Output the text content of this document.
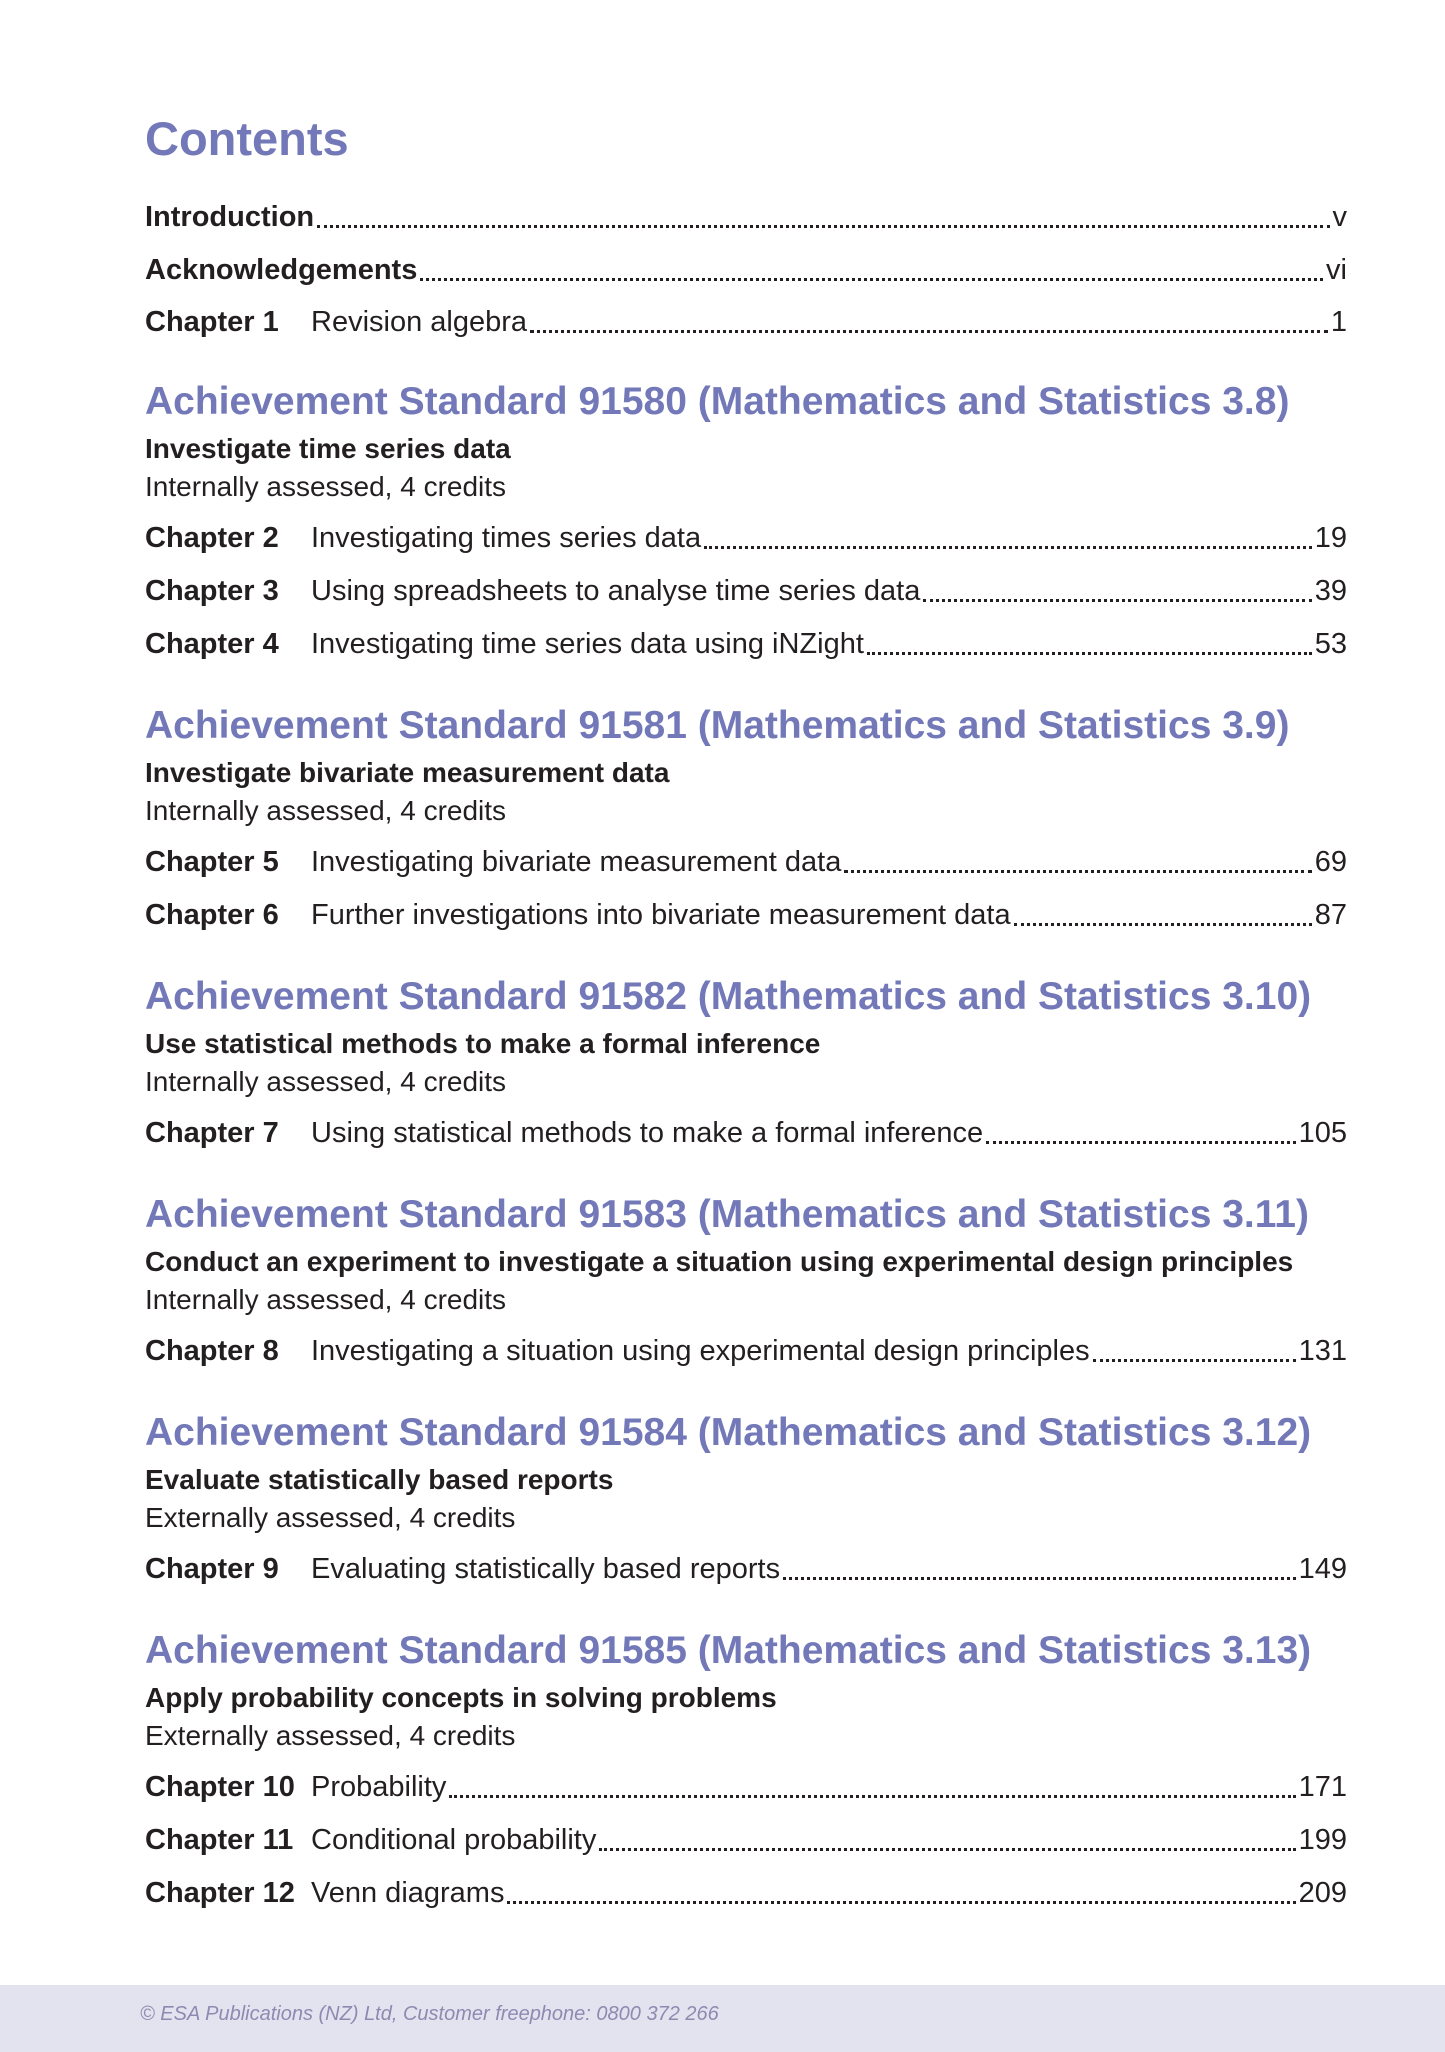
Contents
Introduction	v
Acknowledgements	vi
Chapter 1	Revision algebra	1
Achievement Standard 91580 (Mathematics and Statistics 3.8)
Investigate time series data
Internally assessed, 4 credits
Chapter 2	Investigating times series data	19
Chapter 3	Using spreadsheets to analyse time series data	39
Chapter 4	Investigating time series data using iNZight	53
Achievement Standard 91581 (Mathematics and Statistics 3.9)
Investigate bivariate measurement data
Internally assessed, 4 credits
Chapter 5	Investigating bivariate measurement data	69
Chapter 6	Further investigations into bivariate measurement data	87
Achievement Standard 91582 (Mathematics and Statistics 3.10)
Use statistical methods to make a formal inference
Internally assessed, 4 credits
Chapter 7	Using statistical methods to make a formal inference	105
Achievement Standard 91583 (Mathematics and Statistics 3.11)
Conduct an experiment to investigate a situation using experimental design principles
Internally assessed, 4 credits
Chapter 8	Investigating a situation using experimental design principles	131
Achievement Standard 91584 (Mathematics and Statistics 3.12)
Evaluate statistically based reports
Externally assessed, 4 credits
Chapter 9	Evaluating statistically based reports	149
Achievement Standard 91585 (Mathematics and Statistics 3.13)
Apply probability concepts in solving problems
Externally assessed, 4 credits
Chapter 10 Probability	171
Chapter 11 Conditional probability	199
Chapter 12 Venn diagrams	209
© ESA Publications (NZ) Ltd, Customer freephone: 0800 372 266
